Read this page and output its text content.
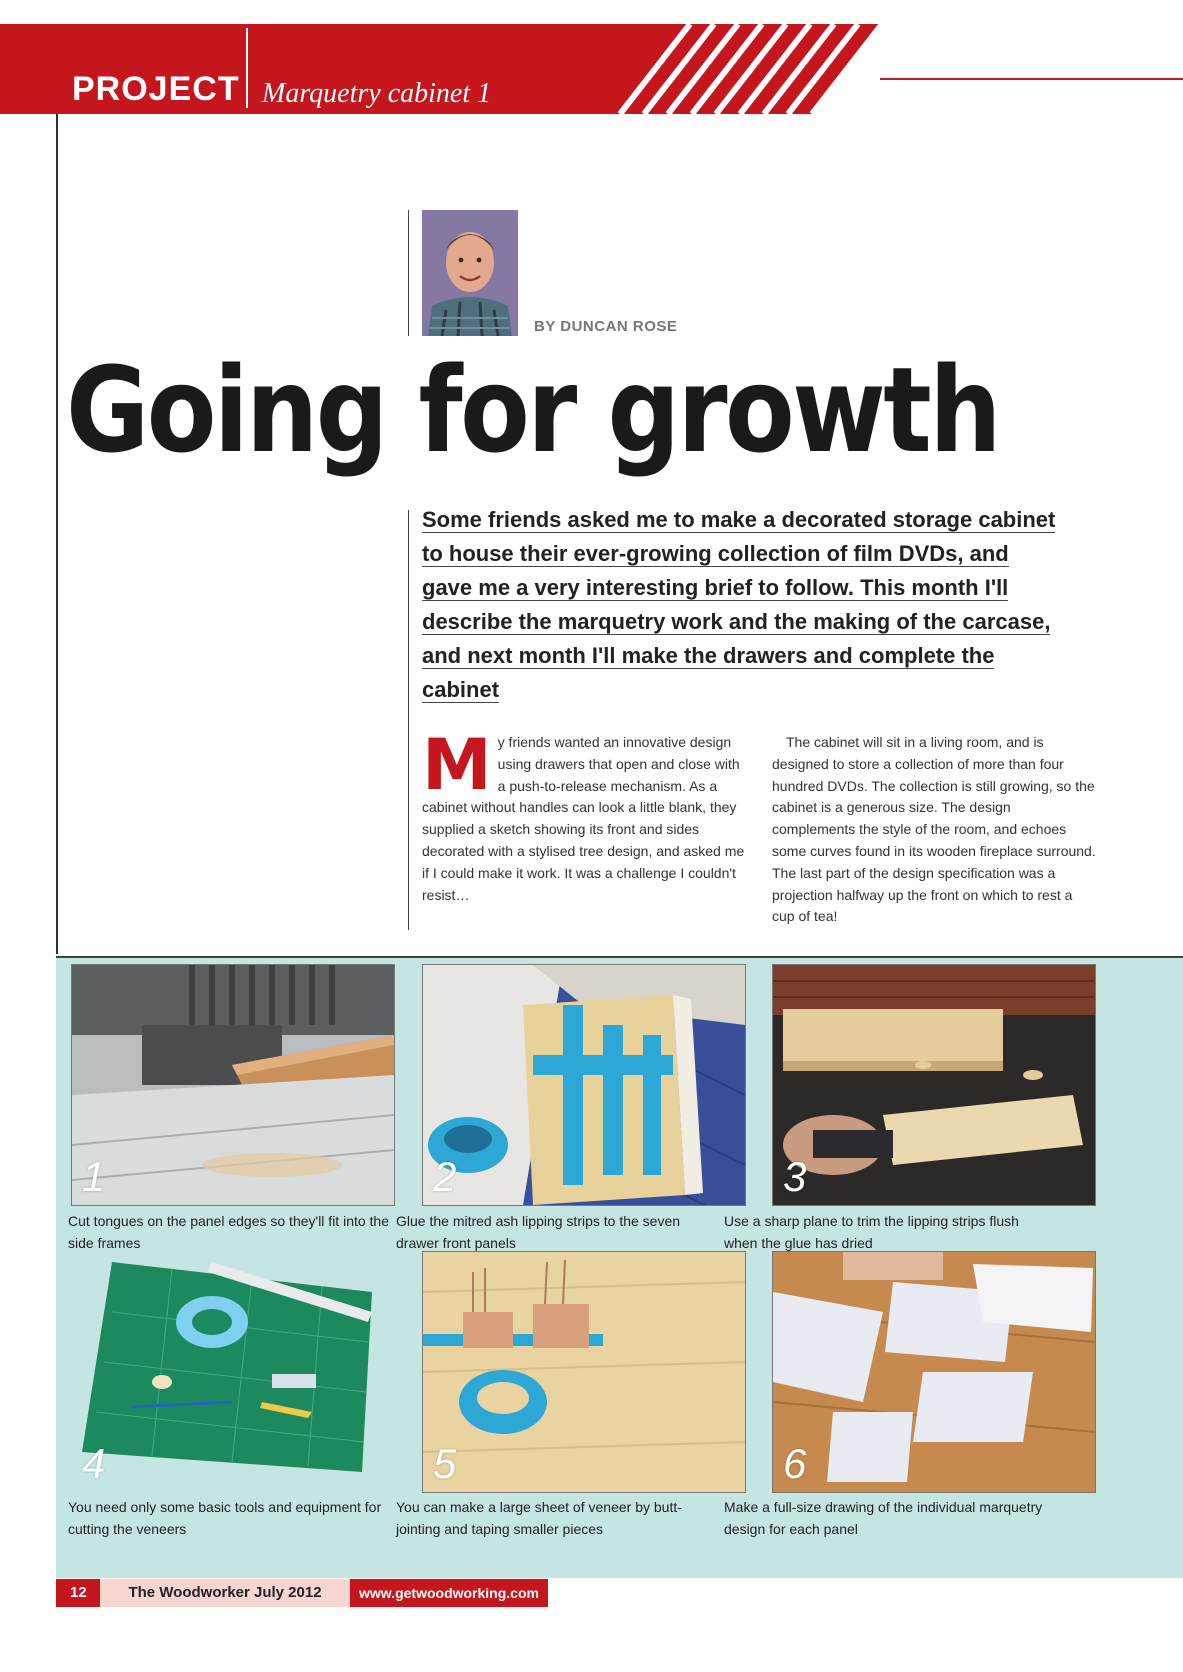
PROJECT Marquetry cabinet 1
BY DUNCAN ROSE
Going for growth
Some friends asked me to make a decorated storage cabinet to house their ever-growing collection of film DVDs, and gave me a very interesting brief to follow. This month I'll describe the marquetry work and the making of the carcase, and next month I'll make the drawers and complete the cabinet
M y friends wanted an innovative design using drawers that open and close with a push-to-release mechanism. As a cabinet without handles can look a little blank, they supplied a sketch showing its front and sides decorated with a stylised tree design, and asked me if I could make it work. It was a challenge I couldn't resist…
The cabinet will sit in a living room, and is designed to store a collection of more than four hundred DVDs. The collection is still growing, so the cabinet is a generous size. The design complements the style of the room, and echoes some curves found in its wooden fireplace surround. The last part of the design specification was a projection halfway up the front on which to rest a cup of tea!
1
Cut tongues on the panel edges so they'll fit into the side frames
2
Glue the mitred ash lipping strips to the seven drawer front panels
3
Use a sharp plane to trim the lipping strips flush when the glue has dried
4
You need only some basic tools and equipment for cutting the veneers
5
You can make a large sheet of veneer by butt-jointing and taping smaller pieces
6
Make a full-size drawing of the individual marquetry design for each panel
12	The Woodworker July 2012	www.getwoodworking.com
